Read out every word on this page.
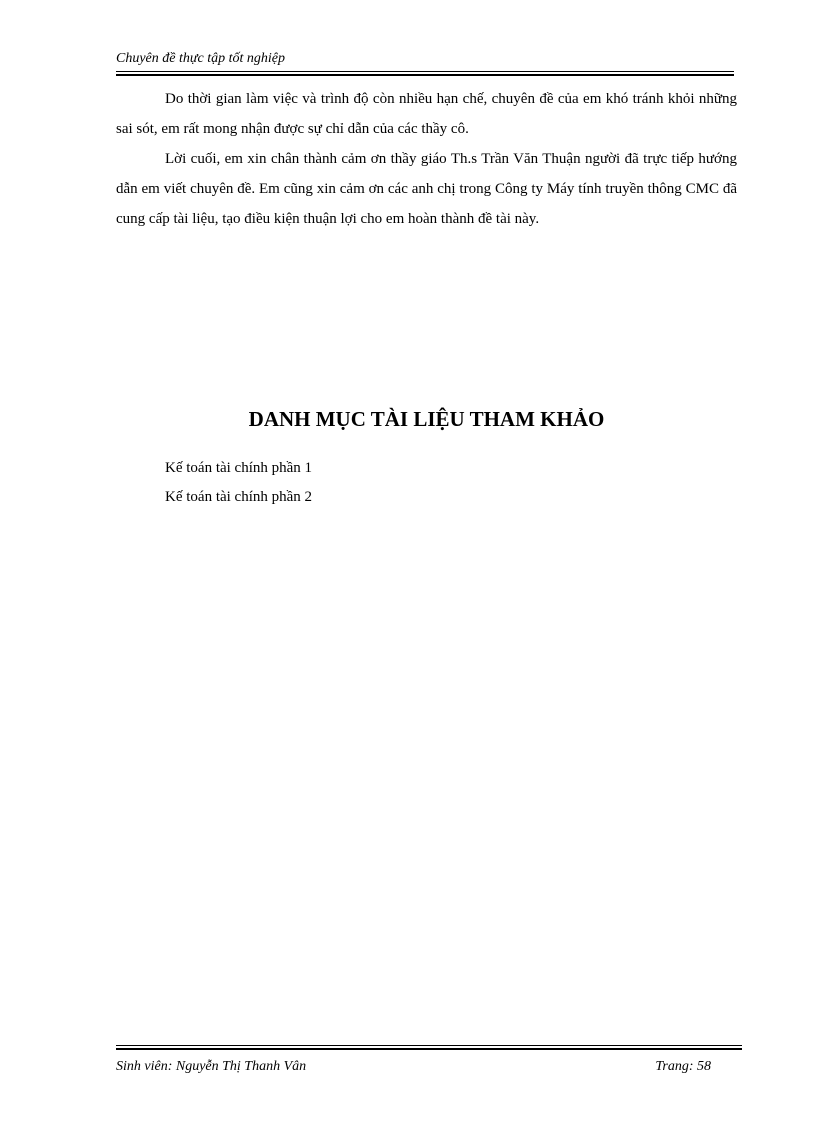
Chuyên đề thực tập tốt nghiệp

Do thời gian làm việc và trình độ còn nhiều hạn chế, chuyên đề của em khó tránh khỏi những sai sót, em rất mong nhận được sự chỉ dẫn của các thầy cô.

Lời cuối, em xin chân thành cảm ơn thầy giáo Th.s Trần Văn Thuận người đã trực tiếp hướng dẫn em viết chuyên đề. Em cũng xin cảm ơn các anh chị trong Công ty Máy tính truyền thông CMC đã cung cấp tài liệu, tạo điều kiện thuận lợi cho em hoàn thành đề tài này.

DANH MỤC TÀI LIỆU THAM KHẢO
Kế toán tài chính phần 1
Kế toán tài chính phần 2
Sinh viên: Nguyễn Thị Thanh Vân	Trang: 58
